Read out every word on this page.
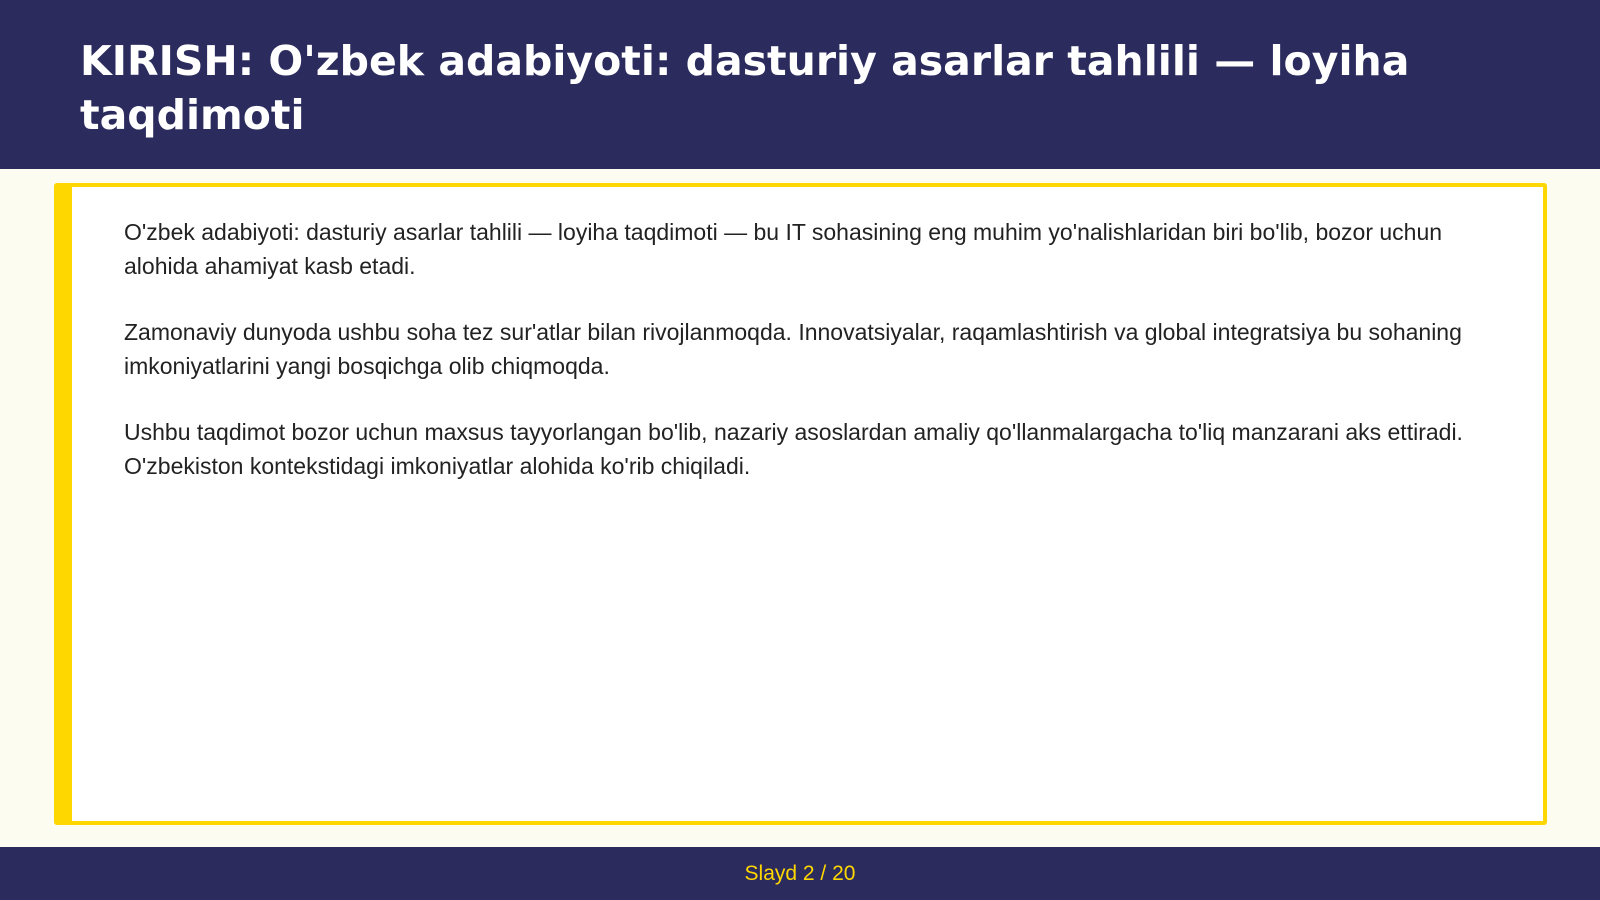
KIRISH: O'zbek adabiyoti: dasturiy asarlar tahlili — loyiha taqdimoti

O'zbek adabiyoti: dasturiy asarlar tahlili — loyiha taqdimoti — bu IT sohasining eng muhim yo'nalishlaridan biri bo'lib, bozor uchun alohida ahamiyat kasb etadi.

Zamonaviy dunyoda ushbu soha tez sur'atlar bilan rivojlanmoqda. Innovatsiyalar, raqamlashtirish va global integratsiya bu sohaning imkoniyatlarini yangi bosqichga olib chiqmoqda.

Ushbu taqdimot bozor uchun maxsus tayyorlangan bo'lib, nazariy asoslardan amaliy qo'llanmalargacha to'liq manzarani aks ettiradi. O'zbekiston kontekstidagi imkoniyatlar alohida ko'rib chiqiladi.

Slayd 2 / 20
